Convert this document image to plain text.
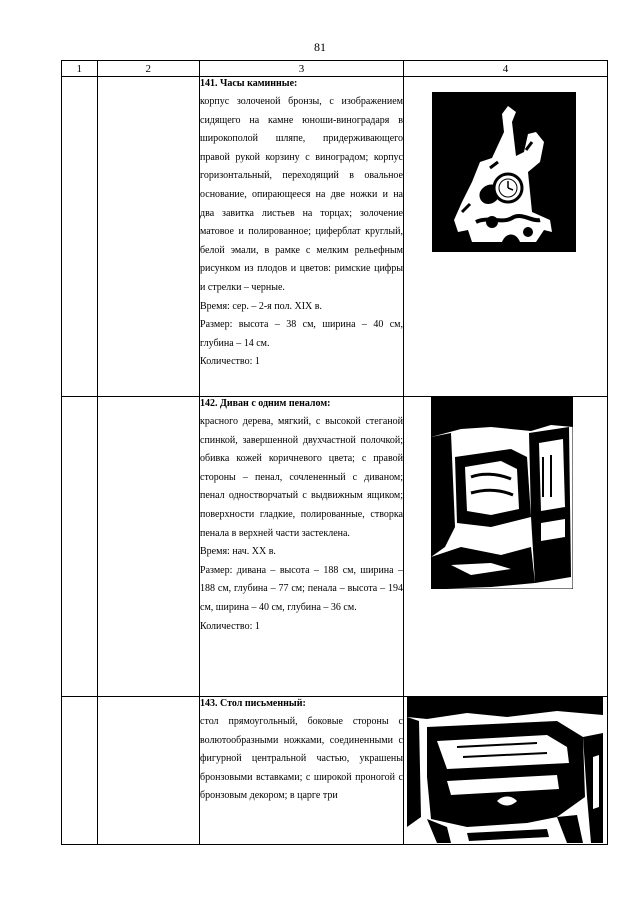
81
1	2	3	4

		141. Часы каминные:
корпус золоченой бронзы, с изображением сидящего на камне юноши-виноградаря в широкополой шляпе, придерживающего правой рукой корзину с виноградом; корпус горизонтальный, переходящий в овальное основание, опирающееся на две ножки и на два завитка листьев на торцах; золочение матовое и полированное; циферблат круглый, белой эмали, в рамке с мелким рельефным рисунком из плодов и цветов: римские цифры и стрелки – черные.
Время: сер. – 2-я пол. XIX в.
Размер: высота – 38 см, ширина – 40 см, глубина – 14 см.
Количество: 1

		142. Диван с одним пеналом:
красного дерева, мягкий, с высокой стеганой спинкой, завершенной двухчастной полочкой; обивка кожей коричневого цвета; с правой стороны – пенал, сочлененный с диваном; пенал одностворчатый с выдвижным ящиком; поверхности гладкие, полированные, створка пенала в верхней части застеклена.
Время: нач. XX в.
Размер: дивана – высота – 188 см, ширина – 188 см, глубина – 77 см; пенала – высота – 194 см, ширина – 40 см, глубина – 36 см.
Количество: 1

		143. Стол письменный:
стол прямоугольный, боковые стороны с волютообразными ножками, соединенными с фигурной центральной частью, украшены бронзовыми вставками; с широкой проногой с бронзовым декором; в царге три
